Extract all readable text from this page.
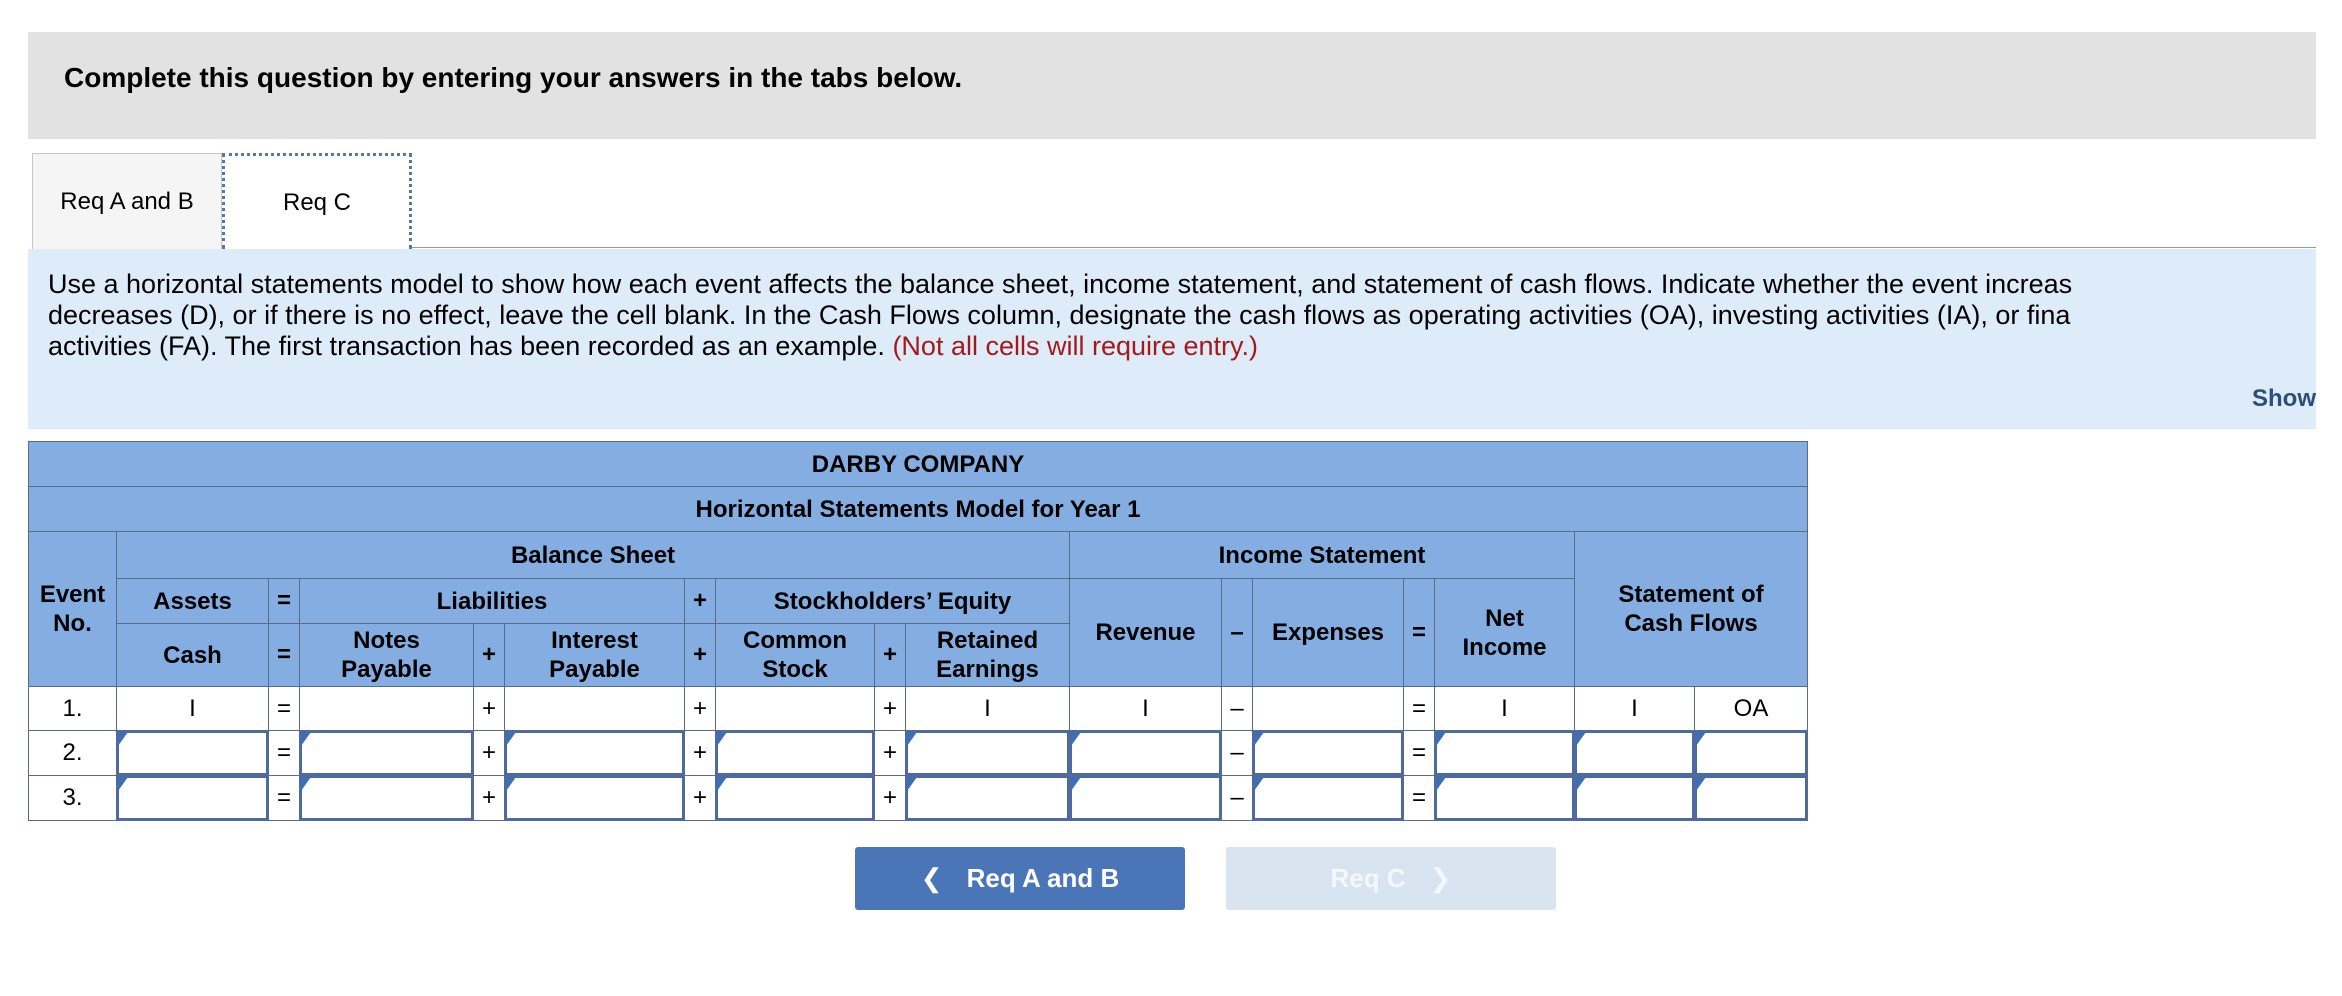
Complete this question by entering your answers in the tabs below.
Req A and B	Req C
Use a horizontal statements model to show how each event affects the balance sheet, income statement, and statement of cash flows. Indicate whether the event increas
decreases (D), or if there is no effect, leave the cell blank. In the Cash Flows column, designate the cash flows as operating activities (OA), investing activities (IA), or fina
activities (FA). The first transaction has been recorded as an example. (Not all cells will require entry.)
Show
DARBY COMPANY																
Horizontal Statements Model for Year 1																
Event
No.	Balance Sheet									Income Statement					Statement of
Cash Flows	
	Assets	=	Liabilities			+	Stockholders’ Equity			Revenue	–	Expenses	=	Net
Income		
	Cash	=	Notes
Payable	+	Interest
Payable	+	Common
Stock	+	Retained
Earnings							

1.	I	=		+		+		+	I	I	–		=	I	I	OA
2.		=		+		+		+			–		=	

3.		=		+		+		+			–		=	

❮ Req A and B	Req C ❯
